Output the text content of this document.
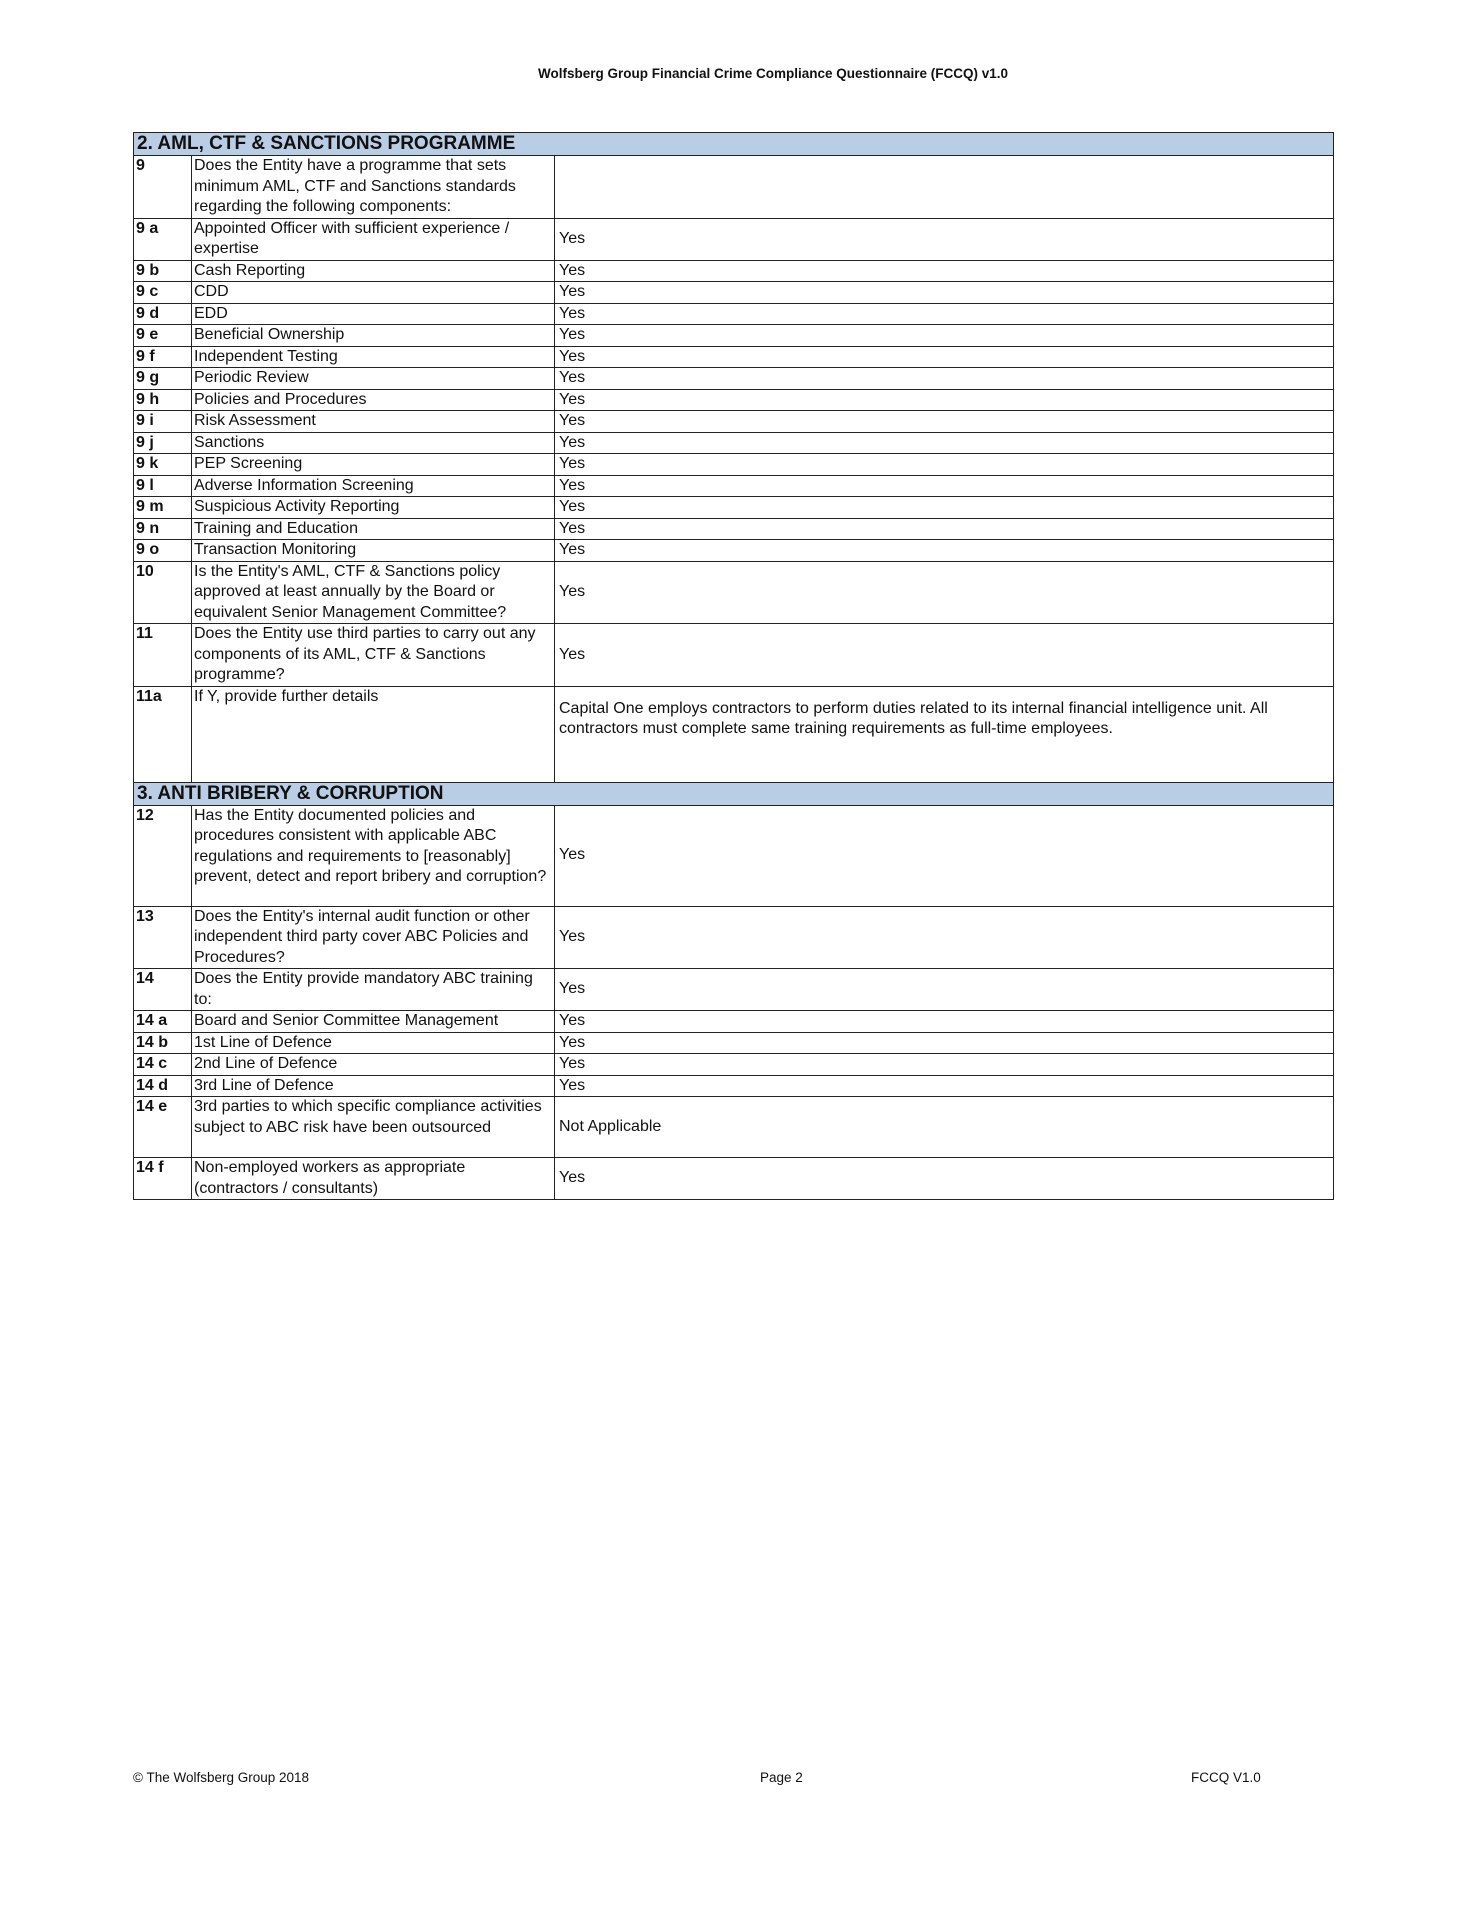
Wolfsberg Group Financial Crime Compliance Questionnaire (FCCQ) v1.0
2. AML, CTF & SANCTIONS PROGRAMME		
9	Does the Entity have a programme that sets minimum AML, CTF and Sanctions standards regarding the following components:	
9 a	Appointed Officer with sufficient experience / expertise	Yes
9 b	Cash Reporting	Yes
9 c	CDD	Yes
9 d	EDD	Yes
9 e	Beneficial Ownership	Yes
9 f	Independent Testing	Yes
9 g	Periodic Review	Yes
9 h	Policies and Procedures	Yes
9 i	Risk Assessment	Yes
9 j	Sanctions	Yes
9 k	PEP Screening	Yes
9 l	Adverse Information Screening	Yes
9 m	Suspicious Activity Reporting	Yes
9 n	Training and Education	Yes
9 o	Transaction Monitoring	Yes
10	Is the Entity's AML, CTF & Sanctions policy approved at least annually by the Board or equivalent Senior Management Committee?	Yes
11	Does the Entity use third parties to carry out any components of its AML, CTF & Sanctions programme?	Yes
11a	If Y, provide further details	Capital One employs contractors to perform duties related to its internal financial intelligence unit. All contractors must complete same training requirements as full-time employees.

3. ANTI BRIBERY & CORRUPTION		
12	Has the Entity documented policies and procedures consistent with applicable ABC regulations and requirements to [reasonably] prevent, detect and report bribery and corruption?	Yes
13	Does the Entity's internal audit function or other independent third party cover ABC Policies and Procedures?	Yes
14	Does the Entity provide mandatory ABC training to:	Yes
14 a	Board and Senior Committee Management	Yes
14 b	1st Line of Defence	Yes
14 c	2nd Line of Defence	Yes
14 d	3rd Line of Defence	Yes
14 e	3rd parties to which specific compliance activities subject to ABC risk have been outsourced	Not Applicable
14 f	Non-employed workers as appropriate (contractors / consultants)	Yes
© The Wolfsberg Group 2018	Page 2	FCCQ V1.0
